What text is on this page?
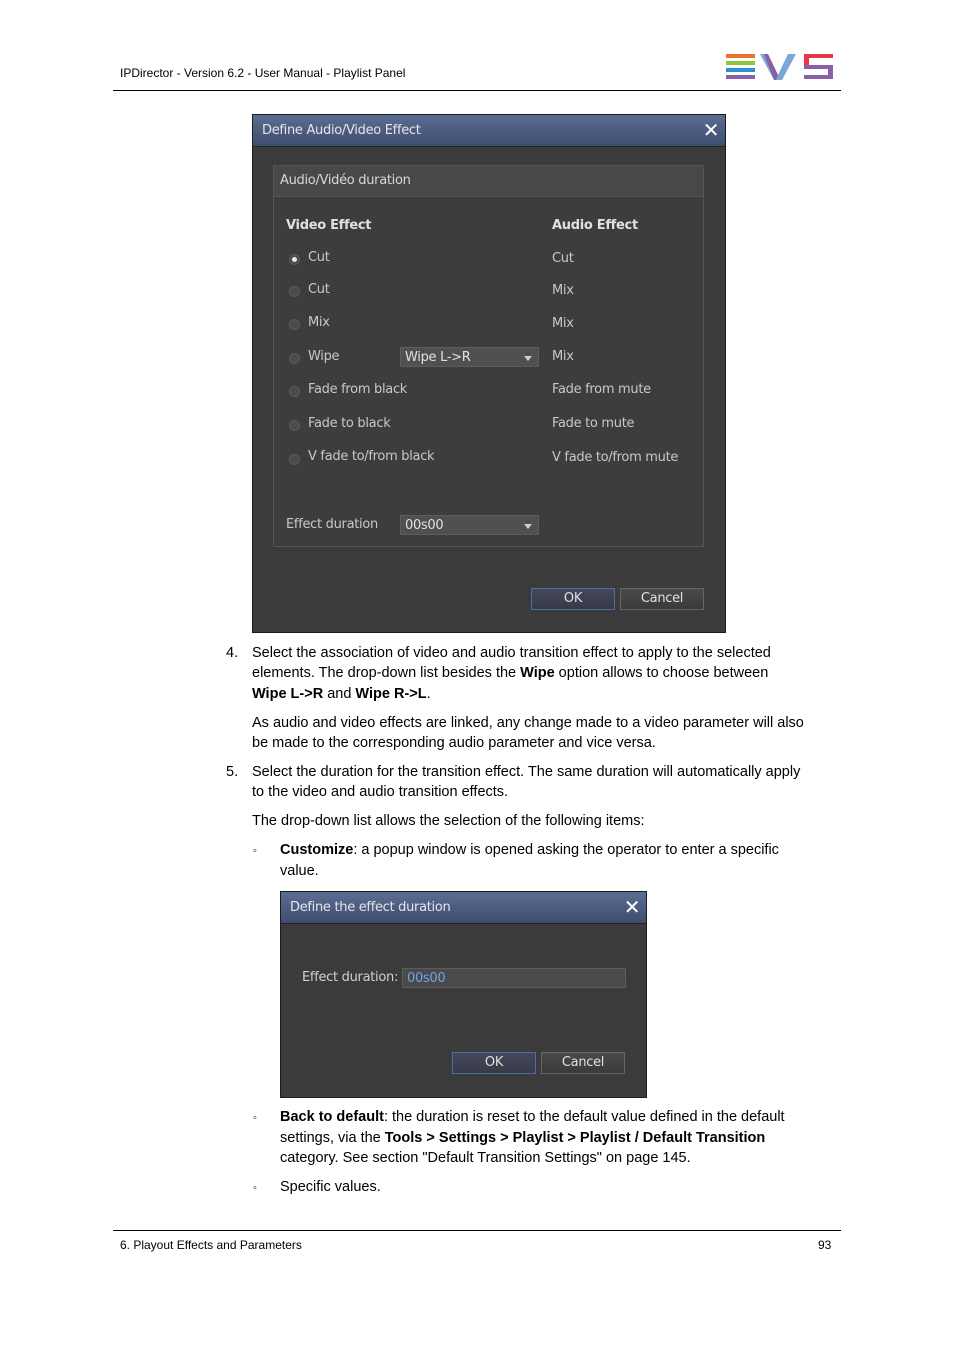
IPDirector - Version 6.2 - User Manual - Playlist Panel
Define Audio/Video Effect	✕
Audio/Vidéo duration
Video Effect	Audio Effect
Cut	Cut
Cut	Mix
Mix	Mix
Wipe	Wipe L->R	Mix
Fade from black	Fade from mute
Fade to black	Fade to mute
V fade to/from black	V fade to/from mute
Effect duration 00s00
OK	Cancel
4. Select the association of video and audio transition effect to apply to the selected
elements. The drop-down list besides the Wipe option allows to choose between
Wipe L->R and Wipe R->L.
As audio and video effects are linked, any change made to a video parameter will also
be made to the corresponding audio parameter and vice versa.
5. Select the duration for the transition effect. The same duration will automatically apply
to the video and audio transition effects.
The drop-down list allows the selection of the following items:
◦ Customize: a popup window is opened asking the operator to enter a specific
value.
Define the effect duration	✕
Effect duration: 00s00
OK	Cancel
◦ Back to default: the duration is reset to the default value defined in the default
settings, via the Tools > Settings > Playlist > Playlist / Default Transition
category. See section "Default Transition Settings" on page 145.
◦ Specific values.
6. Playout Effects and Parameters	93
